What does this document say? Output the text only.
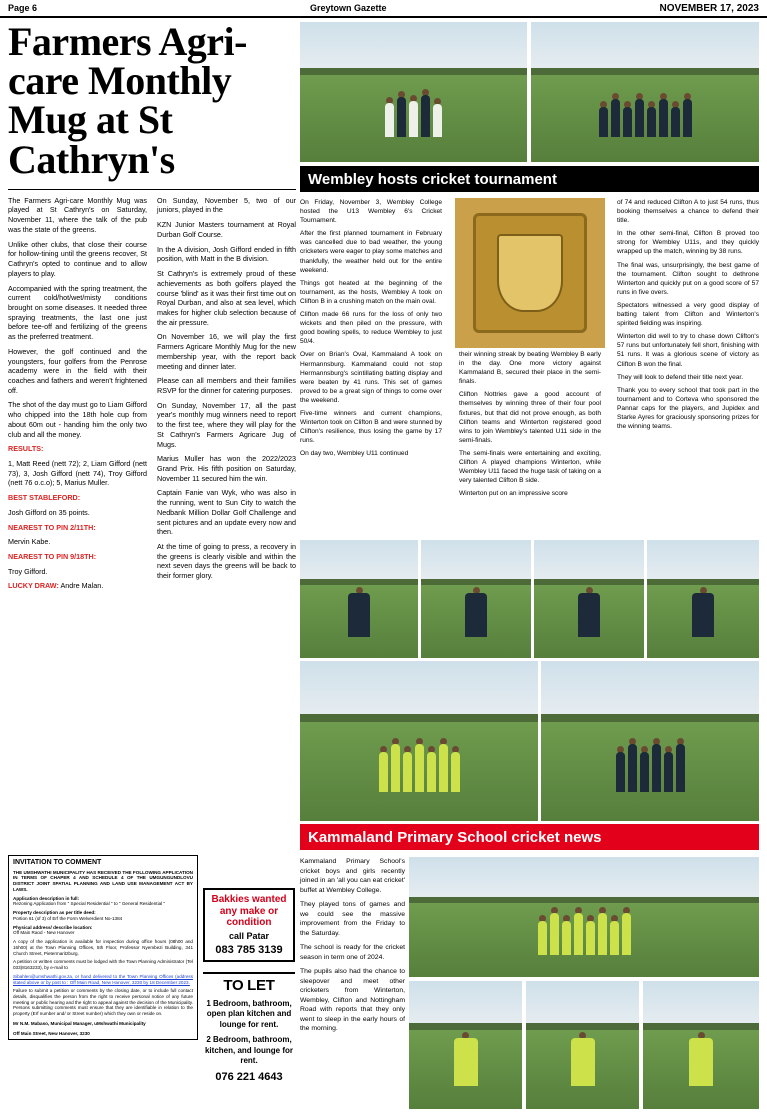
Page 6	Greytown Gazette	NOVEMBER 17, 2023
Farmers Agri-care Monthly Mug at St Cathryn's

The Farmers Agri-care Monthly Mug was played at St Cathryn's on Saturday, November 11, where the talk of the pub was the state of the greens.

Unlike other clubs, that close their course for hollow-tining until the greens recover, St Cathryn's opted to continue and to allow players to play.

Accompanied with the spring treatment, the current cold/hot/wet/misty conditions brought on some diseases. It needed three spraying treatments, the last one just before tee-off and fertilizing of the greens as the preferred treatment.

However, the golf continued and the youngsters, four golfers from the Penrose academy were in the field with their coaches and fathers and weren't frightened off.

The shot of the day must go to Liam Gifford who chipped into the 18th hole cup from about 60m out - handing him the only two club and all the money.

RESULTS:

1, Matt Reed (nett 72); 2, Liam Gifford (nett 73), 3, Josh Gifford (nett 74), Troy Gifford (nett 76 o.c.o); 5, Marius Muller.

BEST STABLEFORD:

Josh Gifford on 35 points.

NEAREST TO PIN 2/11TH:

Mervin Kabe.

NEAREST TO PIN 9/18TH:

Troy Gifford.

LUCKY DRAW: Andre Malan.

On Sunday, November 5, two of our juniors, played in the

KZN Junior Masters tournament at Royal Durban Golf Course.

In the A division, Josh Gifford ended in fifth position, with Matt in the B division.

St Cathryn's is extremely proud of these achievements as both golfers played the course 'blind' as it was their first time out on Royal Durban, and also at sea level, which makes for higher club selection because of the air pressure.

On November 16, we will play the first Farmers Agricare Monthly Mug for the new membership year, with the report back meeting and dinner later.

Please can all members and their families RSVP for the dinner for catering purposes.

On Sunday, November 17, all the past year's monthly mug winners need to report to the first tee, where they will play for the St Cathryn's Farmers Agricare Jug of Mugs.

Marius Muller has won the 2022/2023 Grand Prix. His fifth position on Saturday, November 11 secured him the win.

Captain Fanie van Wyk, who was also in the running, went to Sun City to watch the Nedbank Million Dollar Golf Challenge and sent pictures and an update every now and then.

At the time of going to press, a recovery in the greens is clearly visible and within the next seven days the greens will be back to their former glory.

INVITATION TO COMMENT

THE UMSHWATHI MUNICIPALITY HAS RECEIVED THE FOLLOWING APPLICATION IN TERMS OF CHAPER 4 AND SCHEDULE 4 OF THE UMGUNGUNDLOVU DISTRICT JOINT SPATIAL PLANNING AND LAND USE MANAGEMENT ACT BY LAWS.

Application description in full:
Rezoning Application from " Special Residential " to " General Residential "

Property description as per title deed:
Portion 61 (of 3) of Erf the Form Welverdient No-1384

Physical address/ describe location:
Off Main Raod - New Hanover

A copy of the application is available for inspection during office hours (08h00 and 16h00) at the Town Planning Offices, 5th Floor, Professor Nyembezi Building, 341 Church Street, Pietermaritzburg.

A petition or written comments must be lodged with the Town Planning Administrator (Tel 033)8163233), by e-mail to

Sibahlen@umshwathi.gov.za, or hand delivered to the Town Planning Offices (address stated above or by post to : Off Main Road, New Hanover, 3230 by 18 December 2023.

Failure to submit a petition or comments by the closing date, or to include full contact details, disqualifies the person from the right to receive personal notice of any future meeting or public hearing and the right to appeal against the decision of the Municipality. Persons submitting comments must ensure that they are identifiable in relation to the property (Erf number and/ or Street number) which they own or reside on.

Mr N.M. Mabaso, Municipal Manager, uMshwathi Municipality
Off Main Street, New Hanover, 3230
Bakkies wanted any make or condition
call Patar
083 785 3139
TO LET
1 Bedroom, bathroom, open plan kitchen and lounge for rent.
2 Bedroom, bathroom, kitchen, and lounge for rent.
076 221 4643
Wembley hosts cricket tournament

On Friday, November 3, Wembley College hosted the U13 Wembley 6's Cricket Tournament.

After the first planned tournament in February was cancelled due to bad weather, the young cricketers were eager to play some matches and thankfully, the weather held out for the entire weekend.

Things got heated at the beginning of the tournament, as the hosts, Wembley A took on Clifton B in a crushing match on the main oval.

Clifton made 66 runs for the loss of only two wickets and then piled on the pressure, with good bowling spells, to reduce Wembley to just 50/4.

Over on Brian's Oval, Kammaland A took on Hermannsburg. Kammaland could not stop Hermannsburg's scintillating batting display and were beaten by 41 runs. This set of games proved to be a great sign of things to come over the weekend.

Five-time winners and current champions, Winterton took on Clifton B and were stunned by Clifton's resilience, thus losing the game by 17 runs.

On day two, Wembley U11 continued

their winning streak by beating Wembley B early in the day. One more victory against Kammaland B, secured their place in the semi-finals.

Clifton Nottries gave a good account of themselves by winning three of their four pool fixtures, but that did not prove enough, as both Clifton teams and Winterton registered good wins to join Wembley's talented U11 side in the semi-finals.

The semi-finals were entertaining and exciting, Clifton A played champions Winterton, while Wembley U11 faced the huge task of taking on a very talented Clifton B side.

Winterton put on an impressive score

of 74 and reduced Clifton A to just 54 runs, thus booking themselves a chance to defend their title.

In the other semi-final, Clifton B proved too strong for Wembley U11s, and they quickly wrapped up the match, winning by 38 runs.

The final was, unsurprisingly, the best game of the tournament. Clifton sought to dethrone Winterton and quickly put on a good score of 57 runs in five overs.

Spectators witnessed a very good display of batting talent from Clifton and Winterton's spirited fielding was inspiring.

Winterton did well to try to chase down Clifton's 57 runs but unfortunately fell short, finishing with 51 runs. It was a glorious scene of victory as Clifton B won the final.

They will look to defend their title next year.

Thank you to every school that took part in the tournament and to Corteva who sponsored the Pannar caps for the players, and Jupidex and Starke Ayres for graciously sponsoring prizes for the winning teams.

Kammaland Primary School cricket news

Kammaland Primary School's cricket boys and girls recently joined in an 'all you can eat cricket' buffet at Wembley College.

They played tons of games and we could see the massive improvement from the Friday to the Saturday.

The school is ready for the cricket season in term one of 2024.

The pupils also had the chance to sleepover and meet other cricketers from Winterton, Wembley, Clifton and Nottingham Road with reports that they only went to sleep in the early hours of the morning.
